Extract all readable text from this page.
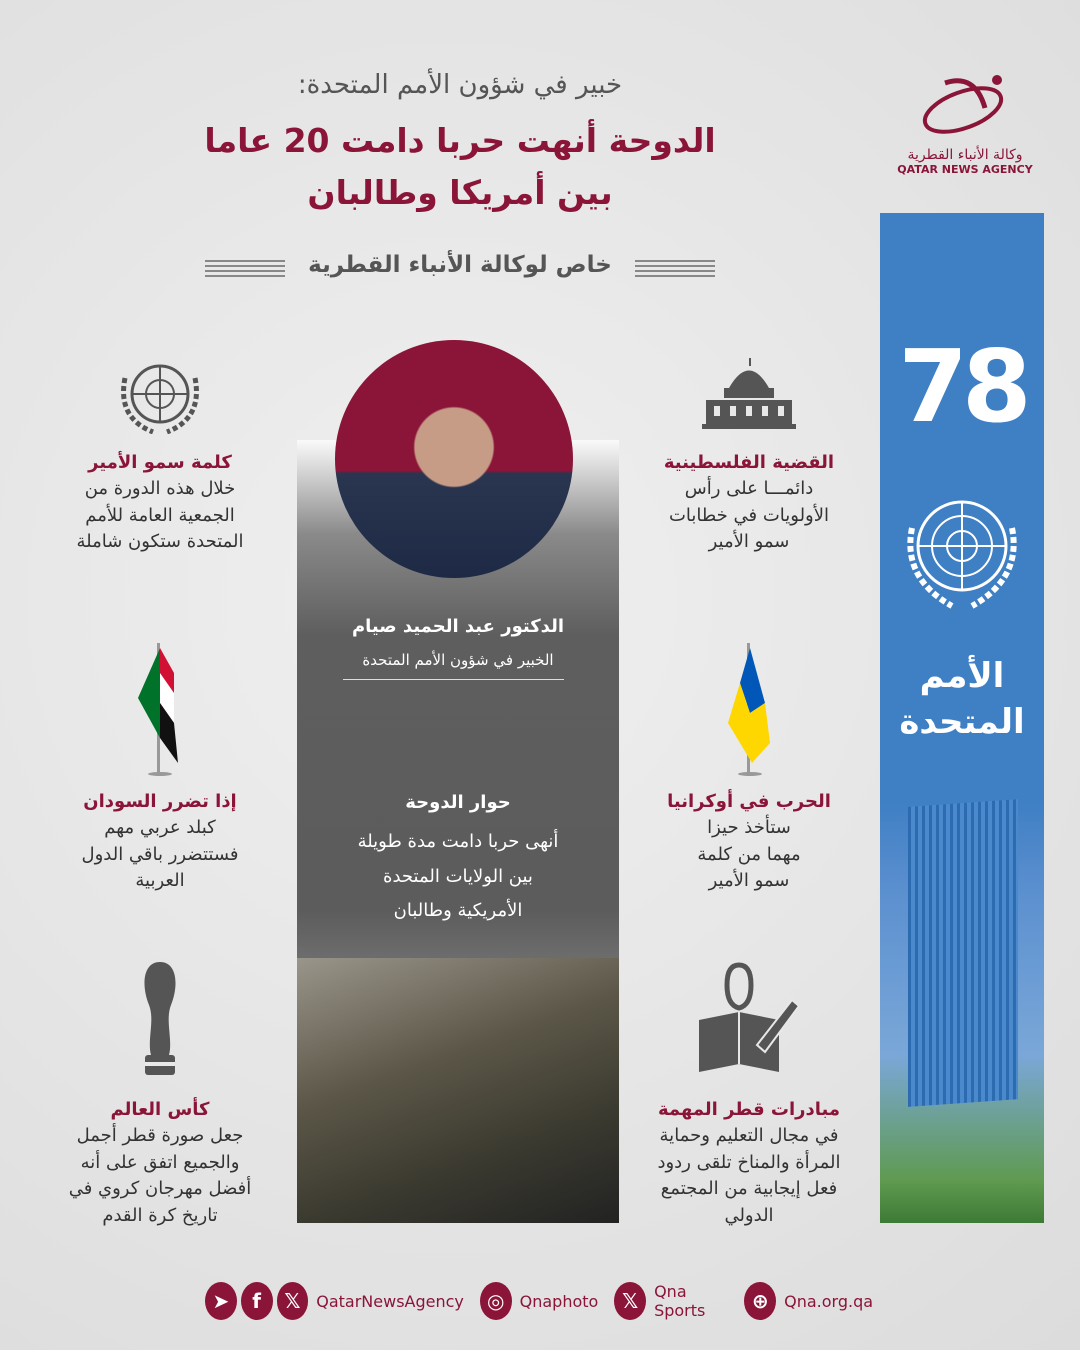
خبير في شؤون الأمم المتحدة:
الدوحة أنهت حربا دامت 20 عاما
بين أمريكا وطالبان
خاص لوكالة الأنباء القطرية
وكالة الأنباء القطرية
QATAR NEWS AGENCY
78
الأمم
المتحدة
الدكتور عبد الحميد صيام
الخبير في شؤون الأمم المتحدة
حوار الدوحة
أنهى حربا دامت مدة طويلة
بين الولايات المتحدة
الأمريكية وطالبان
كلمة سمو الأمير

خلال هذه الدورة من

الجمعية العامة للأمم

المتحدة ستكون شاملة

القضية الفلسطينية

دائمـــا على رأس

الأولويات في خطابات

سمو الأمير

إذا تضرر السودان

كبلد عربي مهم

فستتضرر باقي الدول

العربية

الحرب في أوكرانيا

ستأخذ حيزا

مهما من كلمة

سمو الأمير

كأس العالم

جعل صورة قطر أجمل

والجميع اتفق على أنه

أفضل مهرجان كروي في

تاريخ كرة القدم

مبادرات قطر المهمة

في مجال التعليم وحماية

المرأة والمناخ تلقى ردود

فعل إيجابية من المجتمع

الدولي

➤	f	𝕏 QatarNewsAgency	◎ Qnaphoto	𝕏 Qna Sports	⊕ Qna.org.qa
